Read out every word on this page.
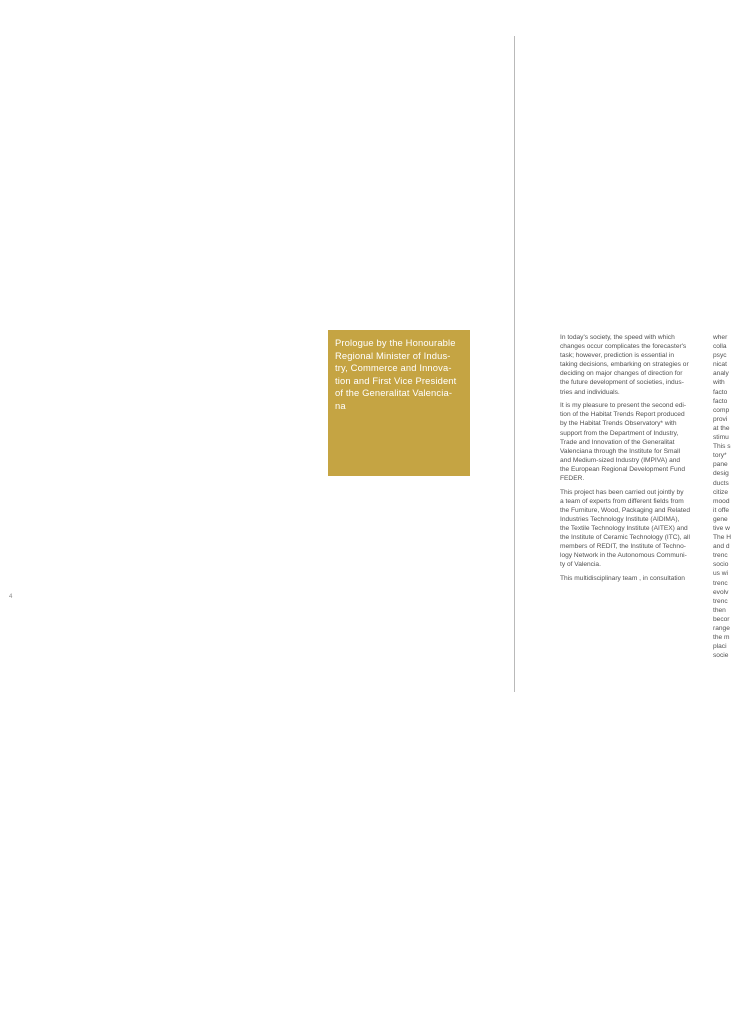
4

Prologue by the Honourable
Regional Minister of Indus-
try, Commerce and Innova-
tion and First Vice President
of the Generalitat Valencia-
na

In today's society, the speed with which
changes occur complicates the forecaster's
task; however, prediction is essential in
taking decisions, embarking on strategies or
deciding on major changes of direction for
the future development of societies, indus-
tries and individuals.

It is my pleasure to present the second edi-
tion of the Habitat Trends Report produced
by the Habitat Trends Observatory* with
support from the Department of Industry,
Trade and Innovation of the Generalitat
Valenciana through the Institute for Small
and Medium-sized Industry (IMPIVA) and
the European Regional Development Fund
FEDER.

This project has been carried out jointly by
a team of experts from different fields from
the Furniture, Wood, Packaging and Related
Industries Technology Institute (AIDIMA),
the Textile Technology Institute (AITEX) and
the Institute of Ceramic Technology (ITC), all
members of REDIT, the Institute of Techno-
logy Network in the Autonomous Communi-
ty of Valencia.

This multidisciplinary team , in consultation

wher
colla
psyc
nicat
analy
with
facto
facto
comp
provi
at the
stimu
This s
tory*
pane
desig
ducts
citize
mood
it offe
gene
tive w
The H
and d
trenc
socio
us wi
trenc
evolv
trenc
then
becor
range
the m
placi
socie
